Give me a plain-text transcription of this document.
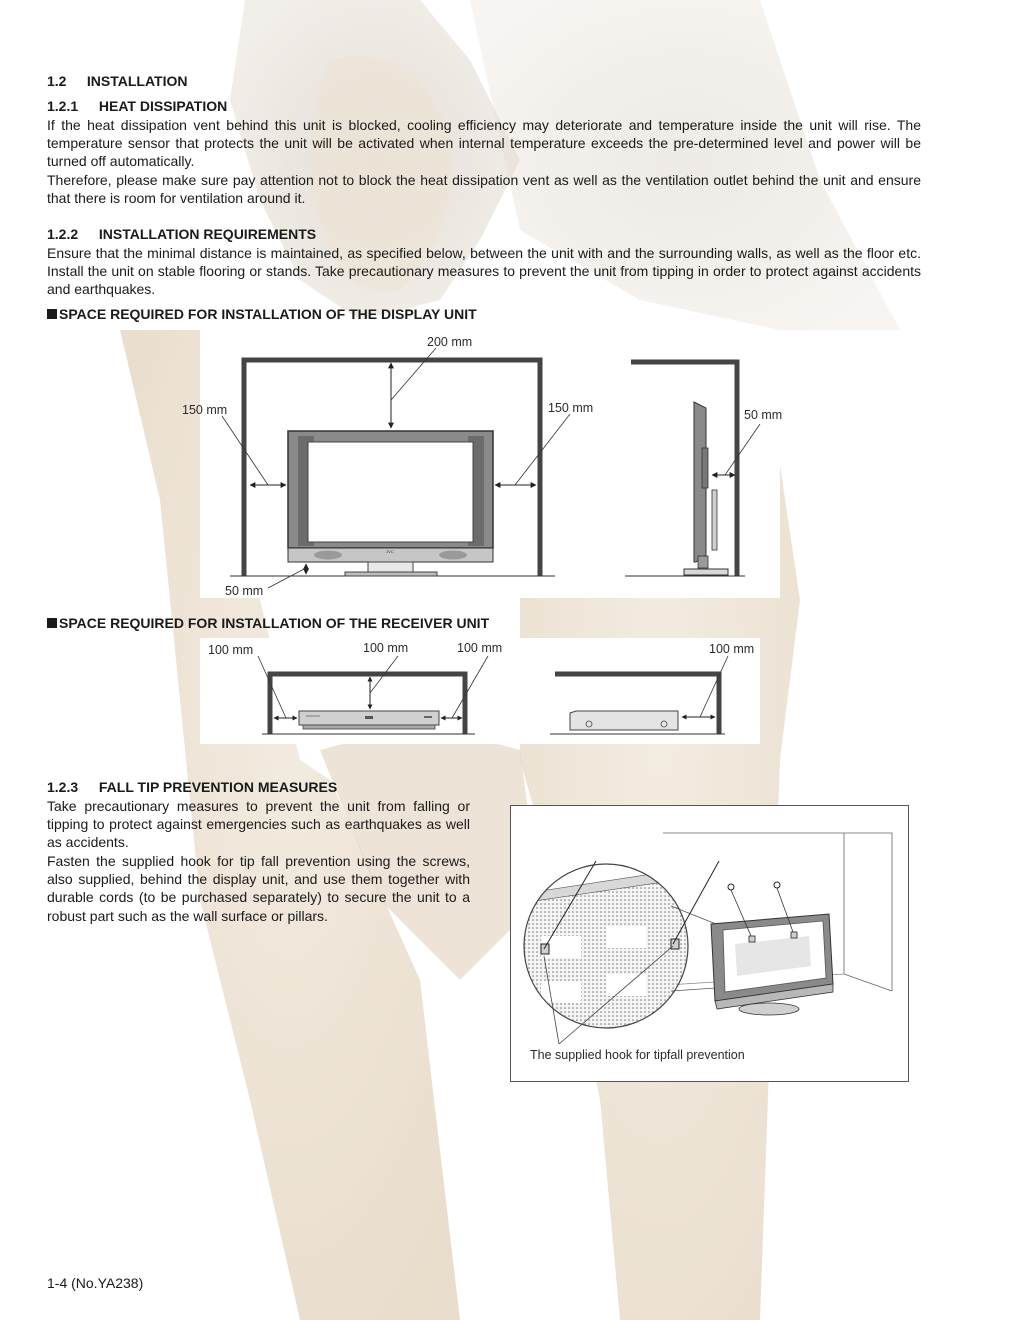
1.2 INSTALLATION

1.2.1 HEAT DISSIPATION

If the heat dissipation vent behind this unit is blocked, cooling efficiency may deteriorate and temperature inside the unit will rise. The temperature sensor that protects the unit will be activated when internal temperature exceeds the pre-determined level and power will be turned off automatically.

Therefore, please make sure pay attention not to block the heat dissipation vent as well as the ventilation outlet behind the unit and ensure that there is room for ventilation around it.

1.2.2 INSTALLATION REQUIREMENTS

Ensure that the minimal distance is maintained, as specified below, between the unit with and the surrounding walls, as well as the floor etc. Install the unit on stable flooring or stands. Take precautionary measures to prevent the unit from tipping in order to protect against accidents and earthquakes.

SPACE REQUIRED FOR INSTALLATION OF THE DISPLAY UNIT

JVC
200 mm
150 mm	150 mm
50 mm
50 mm

SPACE REQUIRED FOR INSTALLATION OF THE RECEIVER UNIT

100 mm	100 mm	100 mm	100 mm

1.2.3 FALL TIP PREVENTION MEASURES

Take precautionary measures to prevent the unit from falling or tipping to protect against emergencies such as earthquakes as well as accidents.

Fasten the supplied hook for tip fall prevention using the screws, also supplied, behind the display unit, and use them together with durable cords (to be purchased separately) to secure the unit to a robust part such as the wall surface or pillars.

The supplied hook for tipfall prevention

1-4 (No.YA238)
